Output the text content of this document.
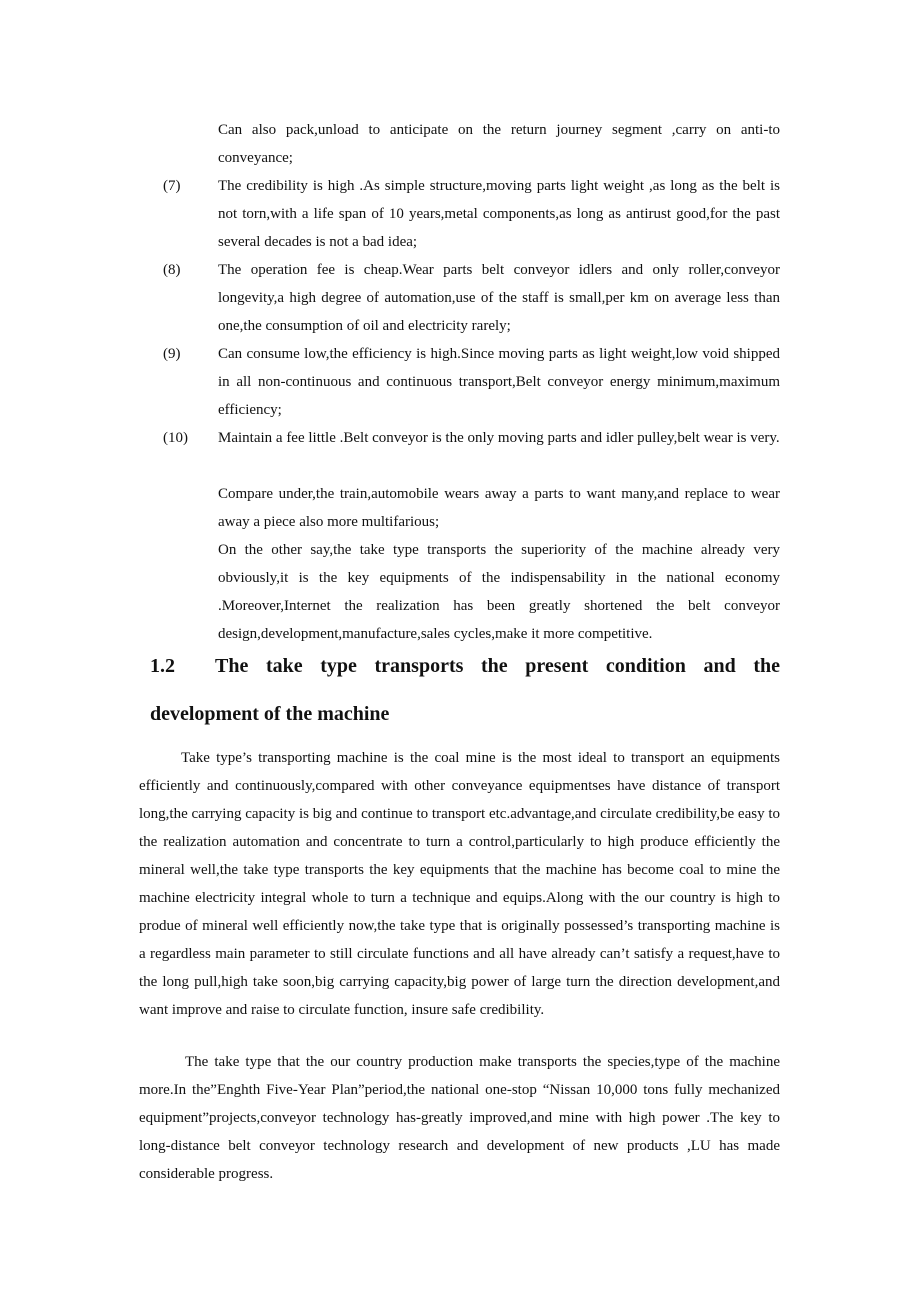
Can also pack,unload to anticipate on the return journey segment ,carry on anti-to conveyance;

(7)	The credibility is high .As simple structure,moving parts light weight ,as long as the belt is not torn,with a life span of 10 years,metal components,as long as antirust good,for the past several decades is not a bad idea;

(8)	The operation fee is cheap.Wear parts belt conveyor idlers and only roller,conveyor longevity,a high degree of automation,use of the staff is small,per km on average less than one,the consumption of oil and electricity rarely;

(9)	Can consume low,the efficiency is high.Since moving parts as light weight,low void shipped in all non-continuous and continuous transport,Belt conveyor energy minimum,maximum efficiency;

(10) Maintain a fee little .Belt conveyor is the only moving parts and idler pulley,belt wear is very.

Compare under,the train,automobile wears away a parts to want many,and replace to wear away a piece also more multifarious;

On the other say,the take type transports the superiority of the machine already very obviously,it is the key equipments of the indispensability in the national economy .Moreover,Internet the realization has been greatly shortened the belt conveyor design,development,manufacture,sales cycles,make it more competitive.

1.2 The take type transports the present condition and the development of the machine

Take type’s transporting machine is the coal mine is the most ideal to transport an equipments efficiently and continuously,compared with other conveyance equipmentses have distance of transport long,the carrying capacity is big and continue to transport etc.advantage,and circulate credibility,be easy to the realization automation and concentrate to turn a control,particularly to high produce efficiently the mineral well,the take type transports the key equipments that the machine has become coal to mine the machine electricity integral whole to turn a technique and equips.Along with the our country is high to produe of mineral well efficiently now,the take type that is originally possessed’s transporting machine is a regardless main parameter to still circulate functions and all have already can’t satisfy a request,have to the long pull,high take soon,big carrying capacity,big power of large turn the direction development,and want improve and raise to circulate function, insure safe credibility.

The take type that the our country production make transports the species,type of the machine more.In the”Enghth Five-Year Plan”period,the national one-stop “Nissan 10,000 tons fully mechanized equipment”projects,conveyor technology has-greatly improved,and mine with high power .The key to long-distance belt conveyor technology research and development of new products ,LU has made considerable progress.
